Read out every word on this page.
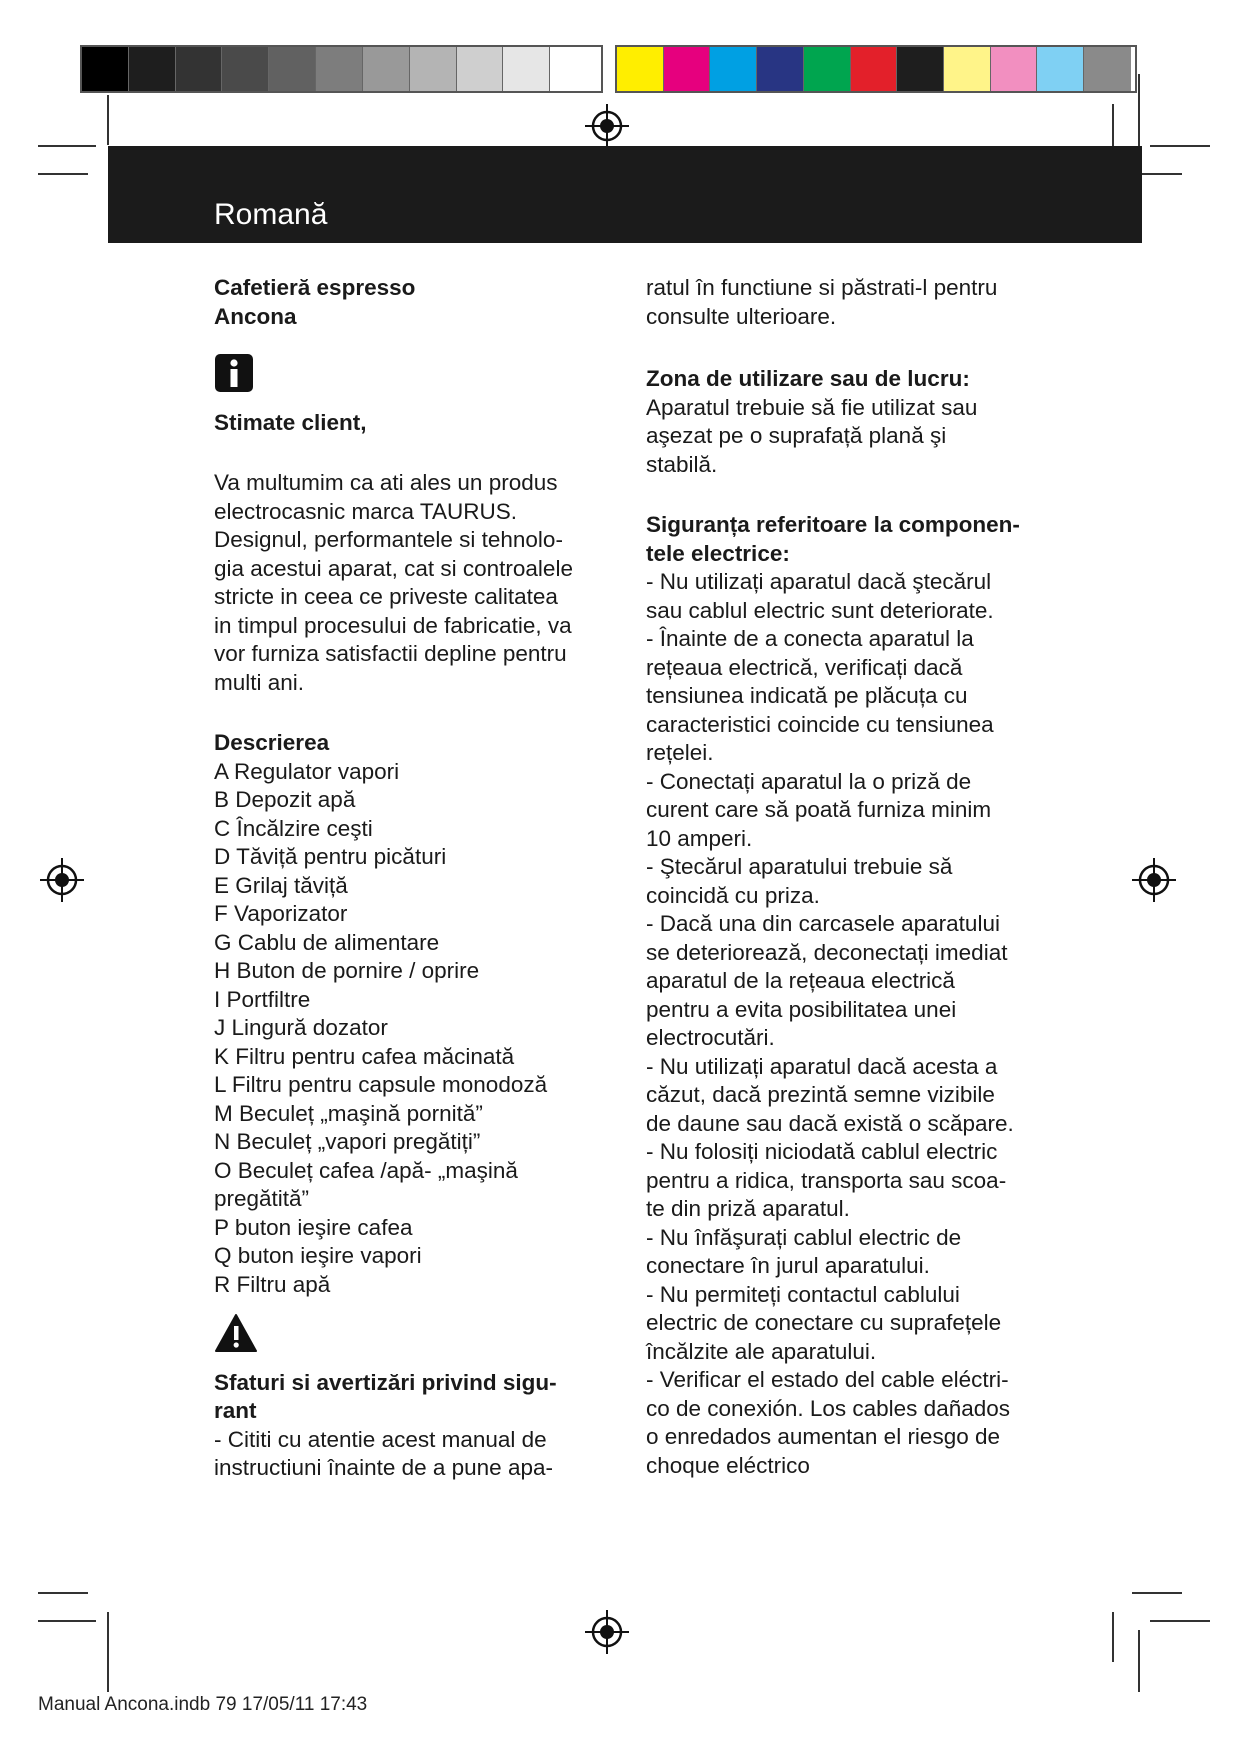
Romană

Cafetieră espresso

Ancona

Stimate client,

Va multumim ca ati ales un produs
electrocasnic marca TAURUS.
Designul, performantele si tehnolo-
gia acestui aparat, cat si controalele
stricte in ceea ce priveste calitatea
in timpul procesului de fabricatie, va
vor furniza satisfactii depline pentru
multi ani.

Descrierea

A Regulator vapori
B Depozit apă
C Încălzire ceşti
D Tăviță pentru picături
E Grilaj tăviță
F Vaporizator
G Cablu de alimentare
H Buton de pornire / oprire
I Portfiltre
J Lingură dozator
K Filtru pentru cafea măcinată
L Filtru pentru capsule monodoză
M Beculeț „maşină pornită”
N Beculeț „vapori pregătiți”
O Beculeț cafea /apă- „maşină
pregătită”
P buton ieşire cafea
Q buton ieşire vapori
R Filtru apă
Sfaturi si avertizări privind sigu-
rant
- Cititi cu atentie acest manual de
instructiuni înainte de a pune apa-
ratul în functiune si păstrati-l pentru
consulte ulterioare.

Zona de utilizare sau de lucru:

Aparatul trebuie să fie utilizat sau
aşezat pe o suprafață plană şi
stabilă.
Siguranța referitoare la componen-
tele electrice:
- Nu utilizați aparatul dacă ştecărul
sau cablul electric sunt deteriorate.
- Înainte de a conecta aparatul la
rețeaua electrică, verificați dacă
tensiunea indicată pe plăcuța cu
caracteristici coincide cu tensiunea
rețelei.
- Conectați aparatul la o priză de
curent care să poată furniza minim
10 amperi.
- Ştecărul aparatului trebuie să
coincidă cu priza.
- Dacă una din carcasele aparatului
se deteriorează, deconectați imediat
aparatul de la rețeaua electrică
pentru a evita posibilitatea unei
electrocutări.
- Nu utilizați aparatul dacă acesta a
căzut, dacă prezintă semne vizibile
de daune sau dacă există o scăpare.
- Nu folosiți niciodată cablul electric
pentru a ridica, transporta sau scoa-
te din priză aparatul.
- Nu înfăşurați cablul electric de
conectare în jurul aparatului.
- Nu permiteți contactul cablului
electric de conectare cu suprafețele
încălzite ale aparatului.
- Verificar el estado del cable eléctri-
co de conexión. Los cables dañados
o enredados aumentan el riesgo de
choque eléctrico
Manual Ancona.indb 79 17/05/11 17:43
